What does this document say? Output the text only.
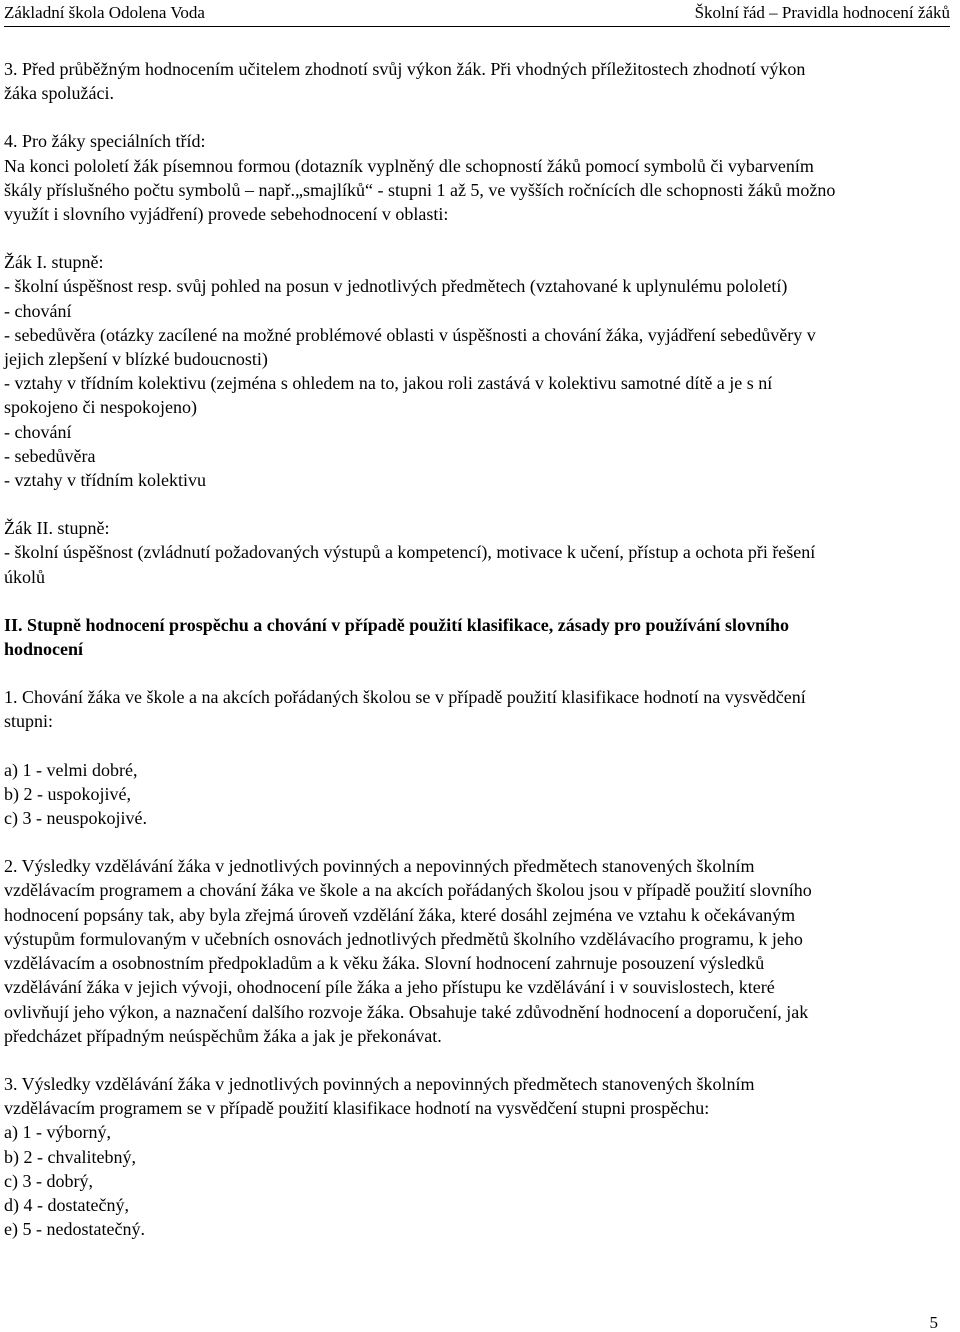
Základní škola Odolena Voda	Školní řád – Pravidla hodnocení žáků

3. Před průběžným hodnocením učitelem zhodnotí svůj výkon žák. Při vhodných příležitostech zhodnotí výkon

žáka spolužáci.

4. Pro žáky speciálních tříd:

Na konci pololetí žák písemnou formou (dotazník vyplněný dle schopností žáků pomocí symbolů či vybarvením

škály příslušného počtu symbolů – např.„smajlíků“ - stupni 1 až 5, ve vyšších ročnících dle schopnosti žáků možno

využít i slovního vyjádření) provede sebehodnocení v oblasti:

Žák I. stupně:

- školní úspěšnost resp. svůj pohled na posun v jednotlivých předmětech (vztahované k uplynulému pololetí)

- chování

- sebedůvěra (otázky zacílené na možné problémové oblasti v úspěšnosti a chování žáka, vyjádření sebedůvěry v

jejich zlepšení v blízké budoucnosti)

- vztahy v třídním kolektivu (zejména s ohledem na to, jakou roli zastává v kolektivu samotné dítě a je s ní

spokojeno či nespokojeno)

- chování

- sebedůvěra

- vztahy v třídním kolektivu

Žák II. stupně:

- školní úspěšnost (zvládnutí požadovaných výstupů a kompetencí), motivace k učení, přístup a ochota při řešení

úkolů

II. Stupně hodnocení prospěchu a chování v případě použití klasifikace, zásady pro používání slovního

hodnocení

1. Chování žáka ve škole a na akcích pořádaných školou se v případě použití klasifikace hodnotí na vysvědčení

stupni:

a) 1 - velmi dobré,

b) 2 - uspokojivé,

c) 3 - neuspokojivé.

2. Výsledky vzdělávání žáka v jednotlivých povinných a nepovinných předmětech stanovených školním

vzdělávacím programem a chování žáka ve škole a na akcích pořádaných školou jsou v případě použití slovního

hodnocení popsány tak, aby byla zřejmá úroveň vzdělání žáka, které dosáhl zejména ve vztahu k očekávaným

výstupům formulovaným v učebních osnovách jednotlivých předmětů školního vzdělávacího programu, k jeho

vzdělávacím a osobnostním předpokladům a k věku žáka. Slovní hodnocení zahrnuje posouzení výsledků

vzdělávání žáka v jejich vývoji, ohodnocení píle žáka a jeho přístupu ke vzdělávání i v souvislostech, které

ovlivňují jeho výkon, a naznačení dalšího rozvoje žáka. Obsahuje také zdůvodnění hodnocení a doporučení, jak

předcházet případným neúspěchům žáka a jak je překonávat.

3. Výsledky vzdělávání žáka v jednotlivých povinných a nepovinných předmětech stanovených školním

vzdělávacím programem se v případě použití klasifikace hodnotí na vysvědčení stupni prospěchu:

a) 1 - výborný,

b) 2 - chvalitebný,

c) 3 - dobrý,

d) 4 - dostatečný,

e) 5 - nedostatečný.

5
